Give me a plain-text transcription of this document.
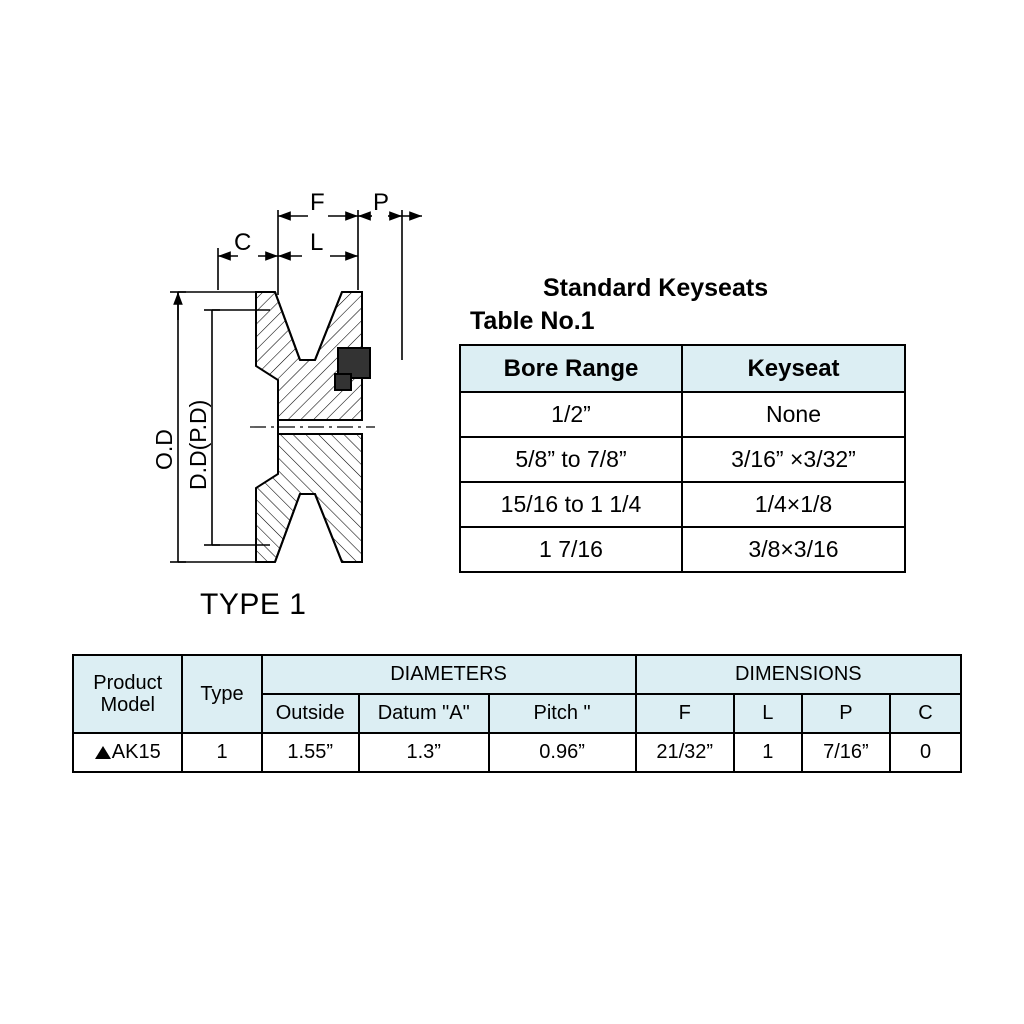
F P
C L
O.D D.D(P.D)
TYPE 1
Standard Keyseats
Table No.1
Bore Range	Keyseat
1/2”	None
5/8” to 7/8”	3/16” ×3/32”
15/16 to 1 1/4	1/4×1/8
1 7/16	3/8×3/16
Product
Model	Type	DIAMETERS			DIMENSIONS			
		Outside	Datum "A"	Pitch "	F	L	P	C
AK15	1	1.55”	1.3”	0.96”	21/32”	1	7/16”	0
